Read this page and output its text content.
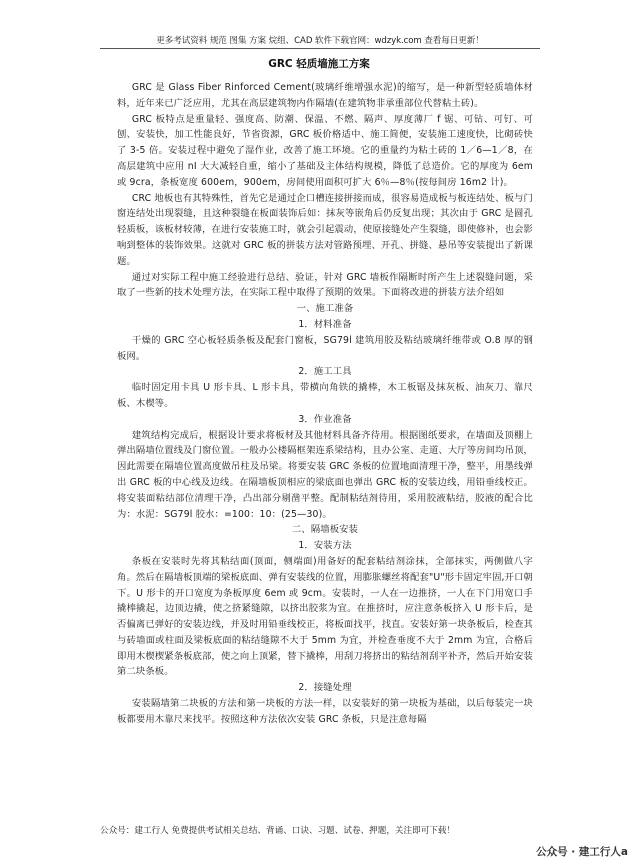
更多考试资料 规范 图集 方案 烷组、CAD 软件下载官网：wdzyk.com 查看每日更新！
GRC 轻质墙施工方案

GRC 是 Glass Fiber Rinforced Cement(玻璃纤维增强水泥)的缩写，是一种新型轻质墙体材料，近年来已广泛应用，尤其在高层建筑物内作隔墙(在建筑物非承重部位代替粘土砖)。

GRC 板特点是重量轻、强度高、防潮、保温、不燃、隔声、厚度薄厂 f 锯、可钻、可钉、可刨、安装快，加工性能良好，节省资源，GRC 板价格适中、施工简便，安装施工速度快，比砌砖快了 3-5 倍。安装过程中避免了湿作业，改善了施工环境。它的重量约为粘土砖的 1／6—1／8，在高层建筑中应用 nI 大大减轻自重，缩小了基础及主体结构规模，降低了总造价。它的厚度为 6em 或 9cra，条板宽度 600em，900em，房间使用面积可扩大 6％—8％(按每间房 16m2 计)。

CRC 地板也有其特殊性，首先它是通过企口槽连接拼接而成，很容易造成板与板连结处、板与门窗连结处出现裂缝，且这种裂缝在板面装饰后如：抹灰等嵌角后仍反复出现；其次由于 GRC 是圆孔轻质板，该板材较薄，在进行安装施工时，就会引起震动，使原接缝处产生裂缝，即使修补，也会影响到整体的装饰效果。这就对 GRC 板的拼装方法对管路预埋、开孔、拼缝、悬吊等安装提出了新课题。

通过对实际工程中施工经验进行总结、验证，针对 GRC 墙板作隔断时所产生上述裂缝问题，采取了一些新的技术处理方法，在实际工程中取得了预期的效果。下面将改进的拼装方法介绍如

一、施工准备

1．材料准备

干燥的 GRC 空心板轻质条板及配套门窗板，SG79l 建筑用胶及粘结玻璃纤维带或 O.8 厚的钢板网。

2．施工工具

临时固定用卡具 U 形卡具、L 形卡具，带横向角铁的撬棒，木工板锯及抹灰板、油灰刀、靠尺板、木楔等。

3．作业准备

建筑结构完成后，根据设计要求将板材及其他材料具备齐待用。根据图纸要求，在墙面及顶棚上弹出隔墙位置线及门窗位置。一般办公楼隔框架连系梁结构，且办公室、走道、大厅等房间均吊顶，因此需要在隔墙位置高度做吊柱及吊梁。将要安装 GRC 条板的位置地面清理干净，整平，用墨线弹出 GRC 板的中心线及边线。在隔墙板顶相应的梁底面也弹出 GRC 板的安装边线，用铅垂线校正。将安装面粘结部位清理干净，凸出部分剔凿平整。配制粘结剂待用，采用胶液粘结，胶液的配合比为：水泥：SG79l 胶水：=100：10：(25—30)。

二、隔墙板安装

1．安装方法

条板在安装时先将其粘结面(顶面，侧端面)用备好的配套粘结剂涂抹，全部抹实，两侧做八字角。然后在隔墙板顶端的梁板底面、弹有安装线的位置，用膨胀螺丝将配套"U"形卡固定牢固,开口朝下。U 形卡的开口宽度为条板厚度 6em 或 9cm。安装时，一人在一边推挤，一人在下门用宽口手撬棒撬起，边顶边撬，使之挤紧缝隙，以挤出胶浆为宜。在推挤时，应注意条板挤入 U 形卡后，是否偏离已弹好的安装边线，并及时用铅垂线校正，将板面找平，找直。安装好第一块条板后，检查其与砖墙面或柱面及梁板底面的粘结缝隙不大于 5mm 为宜，并检查垂度不大于 2mm 为宜，合格后即用木楔楔紧条板底部，使之向上顶紧，替下撬棒，用刮刀将挤出的粘结剂刮平补齐，然后开始安装第二块条板。

2．接缝处理

安装隔墙第二块板的方法和第一块板的方法一样，以安装好的第一块板为基础，以后每装完一块板都要用木靠尺来找平。按照这种方法依次安装 GRC 条板，只是注意每隔

公众号：建工行人 免费提供考试相关总结、背诵、口诀、习题、试卷、押题，关注即可下载！
公众号 · 建工行人a
